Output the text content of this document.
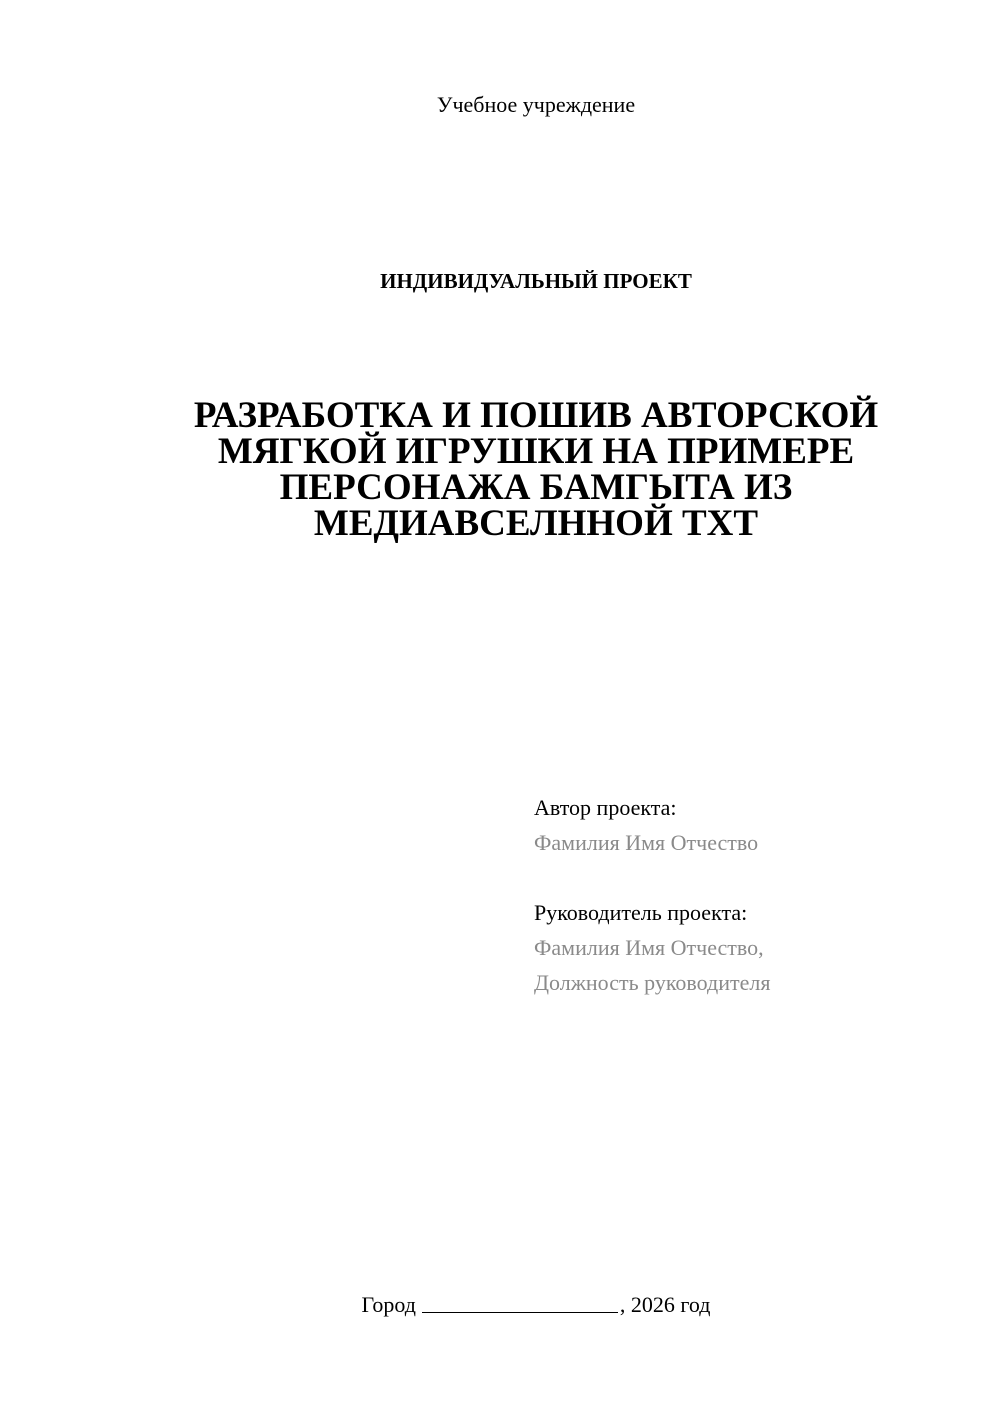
Учебное учреждение
ИНДИВИДУАЛЬНЫЙ ПРОЕКТ
РАЗРАБОТКА И ПОШИВ АВТОРСКОЙ
МЯГКОЙ ИГРУШКИ НА ПРИМЕРЕ
ПЕРСОНАЖА БАМГЫТА ИЗ
МЕДИАВСЕЛННОЙ ТХТ
Автор проекта:
Фамилия Имя Отчество
Руководитель проекта:
Фамилия Имя Отчество,
Должность руководителя
Город	, 2026 год
